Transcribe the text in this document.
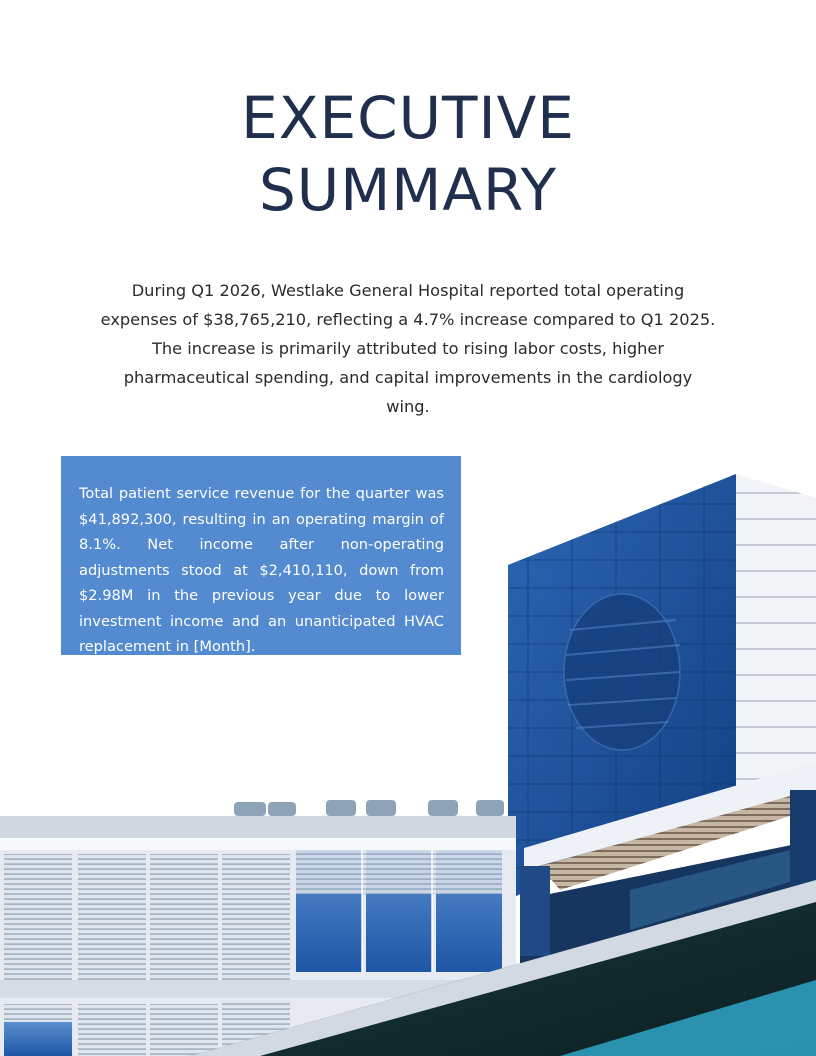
EXECUTIVE
SUMMARY

During Q1 2026, Westlake General Hospital reported total operating expenses of $38,765,210, reflecting a 4.7% increase compared to Q1 2025. The increase is primarily attributed to rising labor costs, higher pharmaceutical spending, and capital improvements in the cardiology wing.

Total patient service revenue for the quarter was $41,892,300, resulting in an operating margin of 8.1%. Net income after non-operating adjustments stood at $2,410,110, down from $2.98M in the previous year due to lower investment income and an unanticipated HVAC replacement in [Month].
